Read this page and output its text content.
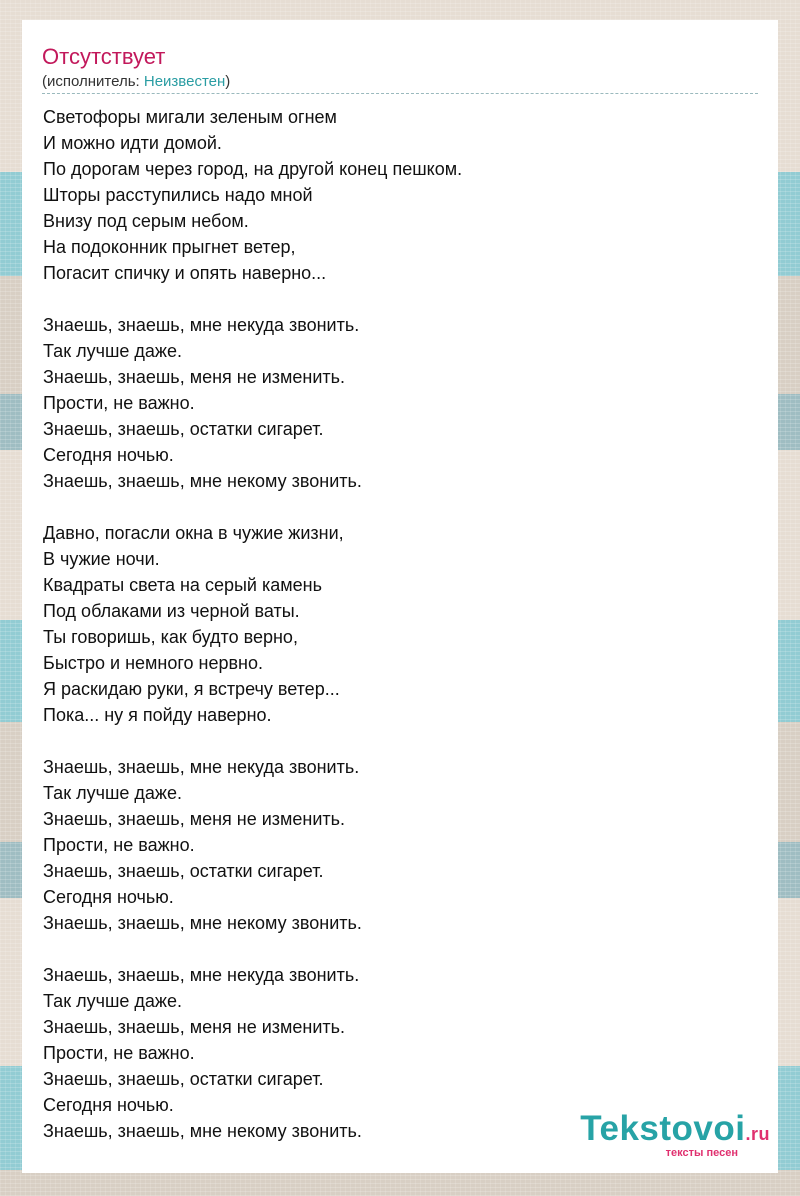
Отсутствует
(исполнитель: Неизвестен)
Светофоры мигали зеленым огнем
И можно идти домой.
По дорогам через город, на другой конец пешком.
Шторы расступились надо мной
Внизу под серым небом.
На подоконник прыгнет ветер,
Погасит спичку и опять наверно...
Знаешь, знаешь, мне некуда звонить.
Так лучше даже.
Знаешь, знаешь, меня не изменить.
Прости, не важно.
Знаешь, знаешь, остатки сигарет.
Сегодня ночью.
Знаешь, знаешь, мне некому звонить.
Давно, погасли окна в чужие жизни,
В чужие ночи.
Квадраты света на серый камень
Под облаками из черной ваты.
Ты говоришь, как будто верно,
Быстро и немного нервно.
Я раскидаю руки, я встречу ветер...
Пока... ну я пойду наверно.
Знаешь, знаешь, мне некуда звонить.
Так лучше даже.
Знаешь, знаешь, меня не изменить.
Прости, не важно.
Знаешь, знаешь, остатки сигарет.
Сегодня ночью.
Знаешь, знаешь, мне некому звонить.
Знаешь, знаешь, мне некуда звонить.
Так лучше даже.
Знаешь, знаешь, меня не изменить.
Прости, не важно.
Знаешь, знаешь, остатки сигарет.
Сегодня ночью.
Знаешь, знаешь, мне некому звонить.	Tekstovoi.ru
тексты песен
